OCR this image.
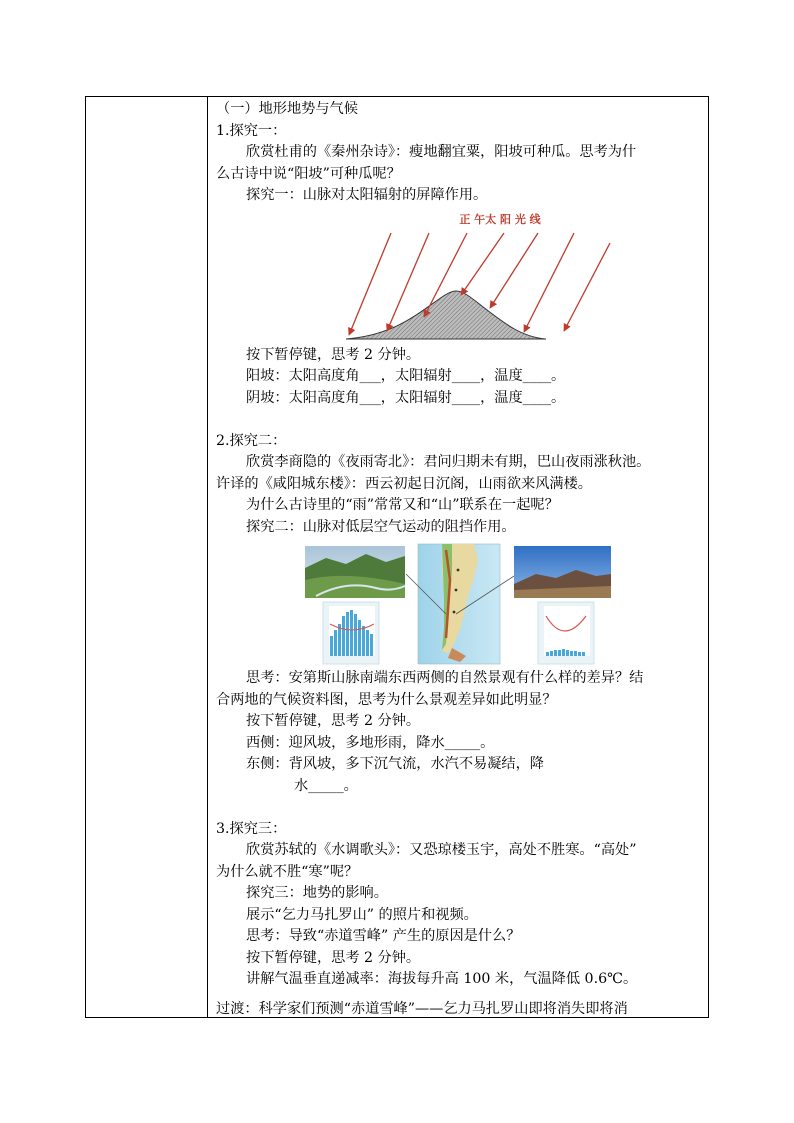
（一）地形地势与气候
1.探究一：
欣赏杜甫的《秦州杂诗》：瘦地翻宜粟，阳坡可种瓜。思考为什
么古诗中说“阳坡”可种瓜呢？
探究一：山脉对太阳辐射的屏障作用。
正 午太 阳 光 线
按下暂停键，思考 2 分钟。
阳坡：太阳高度角___，太阳辐射____，温度____。
阴坡：太阳高度角___，太阳辐射____，温度____。
2.探究二：
欣赏李商隐的《夜雨寄北》：君问归期未有期，巴山夜雨涨秋池。
许译的《咸阳城东楼》：西云初起日沉阁，山雨欲来风满楼。
为什么古诗里的“雨”常常又和“山”联系在一起呢？
探究二：山脉对低层空气运动的阻挡作用。
思考：安第斯山脉南端东西两侧的自然景观有什么样的差异？结
合两地的气候资料图，思考为什么景观差异如此明显？
按下暂停键，思考 2 分钟。
西侧：迎风坡，多地形雨，降水_____。
东侧：背风坡，多下沉气流，水汽不易凝结，降
水_____。
3.探究三：
欣赏苏轼的《水调歌头》：又恐琼楼玉宇，高处不胜寒。“高处”
为什么就不胜“寒”呢？
探究三：地势的影响。
展示“乞力马扎罗山” 的照片和视频。
思考：导致“赤道雪峰” 产生的原因是什么？
按下暂停键，思考 2 分钟。
讲解气温垂直递减率：海拔每升高 100 米，气温降低 0.6℃。
过渡：科学家们预测“赤道雪峰”——乞力马扎罗山即将消失即将消
